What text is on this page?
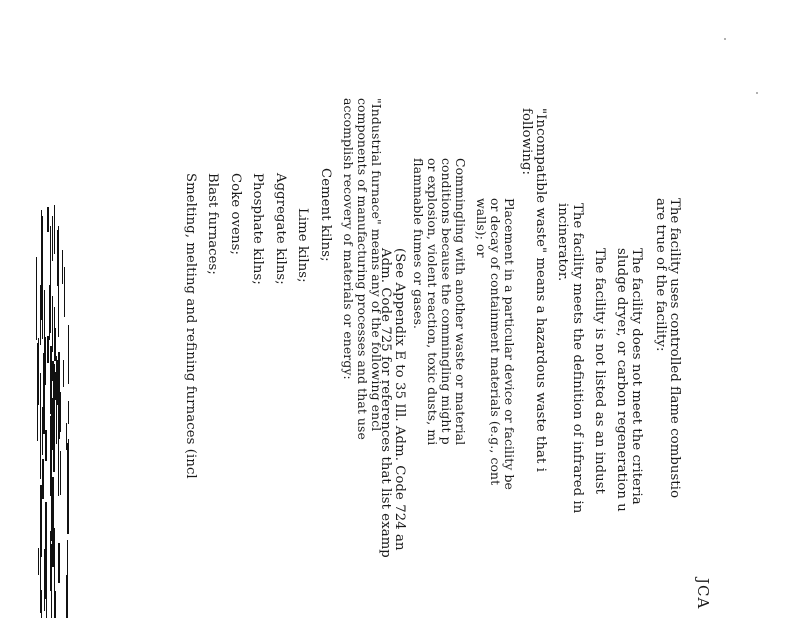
JCA
The facility uses controlled flame combustio
are true of the facility:
The facility does not meet the criteria
sludge dryer, or carbon regeneration u
The facility is not listed as an indust
The facility meets the definition of infrared in
incinerator.
"Incompatible waste" means a hazardous waste that i
following:
Placement in a particular device or facility be
or decay of containment materials (e.g., cont
walls); or
Commingling with another waste or material
conditions because the commingling might p
or explosion, violent reaction, toxic dusts, mi
flammable fumes or gases.
(See Appendix E to 35 Ill. Adm. Code 724 an
Adm. Code 725 for references that list examp
"Industrial furnace" means any of the following encl
components of manufacturing processes and that use
accomplish recovery of materials or energy:
Cement kilns;
Lime kilns;
Aggregate kilns;
Phosphate kilns;
Coke ovens;
Blast furnaces;
Smelting, melting and refining furnaces (incl
